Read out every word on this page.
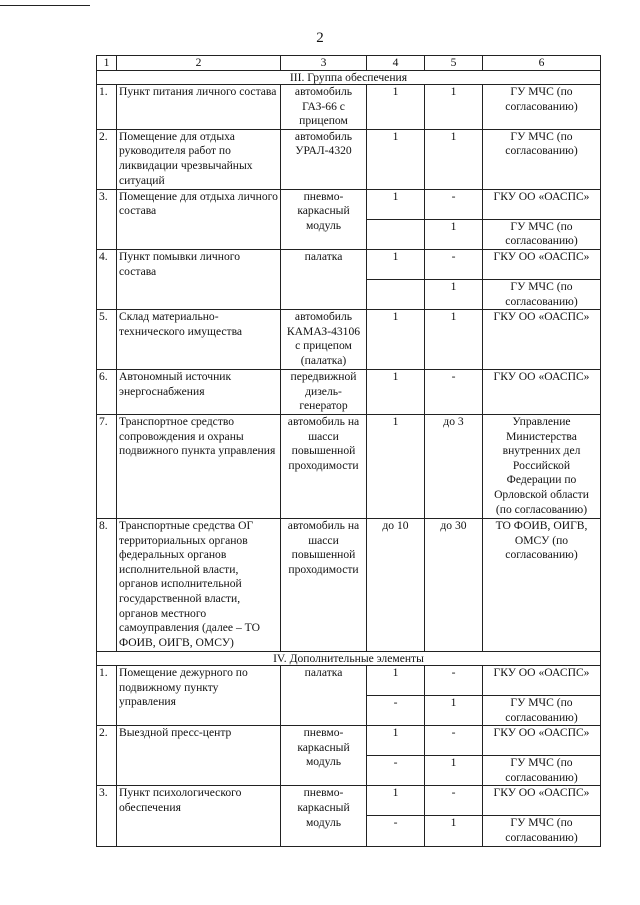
2
1	2	3	4	5	6
III. Группа обеспечения					
1.	Пункт питания личного состава	автомобиль ГАЗ-66 с прицепом	1	1	ГУ МЧС (по согласованию)
2.	Помещение для отдыха руководителя работ по ликвидации чрезвычайных ситуаций	автомобиль УРАЛ-4320	1	1	ГУ МЧС (по согласованию)
3.	Помещение для отдыха личного состава	пневмо-каркасный модуль	1	-	ГКУ ОО «ОАСПС»
				1	ГУ МЧС (по согласованию)
4.	Пункт помывки личного состава	палатка	1	-	ГКУ ОО «ОАСПС»
				1	ГУ МЧС (по согласованию)
5.	Склад материально-технического имущества	автомобиль КАМАЗ-43106 с прицепом (палатка)	1	1	ГКУ ОО «ОАСПС»
6.	Автономный источник энергоснабжения	передвижной дизель-генератор	1	-	ГКУ ОО «ОАСПС»
7.	Транспортное средство сопровождения и охраны подвижного пункта управления	автомобиль на шасси повышенной проходимости	1	до 3	Управление Министерства внутренних дел Российской Федерации по Орловской области (по согласованию)
8.	Транспортные средства ОГ территориальных органов федеральных органов исполнительной власти, органов исполнительной государственной власти, органов местного самоуправления (далее – ТО ФОИВ, ОИГВ, ОМСУ)	автомобиль на шасси повышенной проходимости	до 10	до 30	ТО ФОИВ, ОИГВ, ОМСУ (по согласованию)
IV. Дополнительные элементы					
1.	Помещение дежурного по подвижному пункту управления	палатка	1	-	ГКУ ОО «ОАСПС»
			-	1	ГУ МЧС (по согласованию)
2.	Выездной пресс-центр	пневмо-каркасный модуль	1	-	ГКУ ОО «ОАСПС»
			-	1	ГУ МЧС (по согласованию)
3.	Пункт психологического обеспечения	пневмо-каркасный модуль	1	-	ГКУ ОО «ОАСПС»
			-	1	ГУ МЧС (по согласованию)
